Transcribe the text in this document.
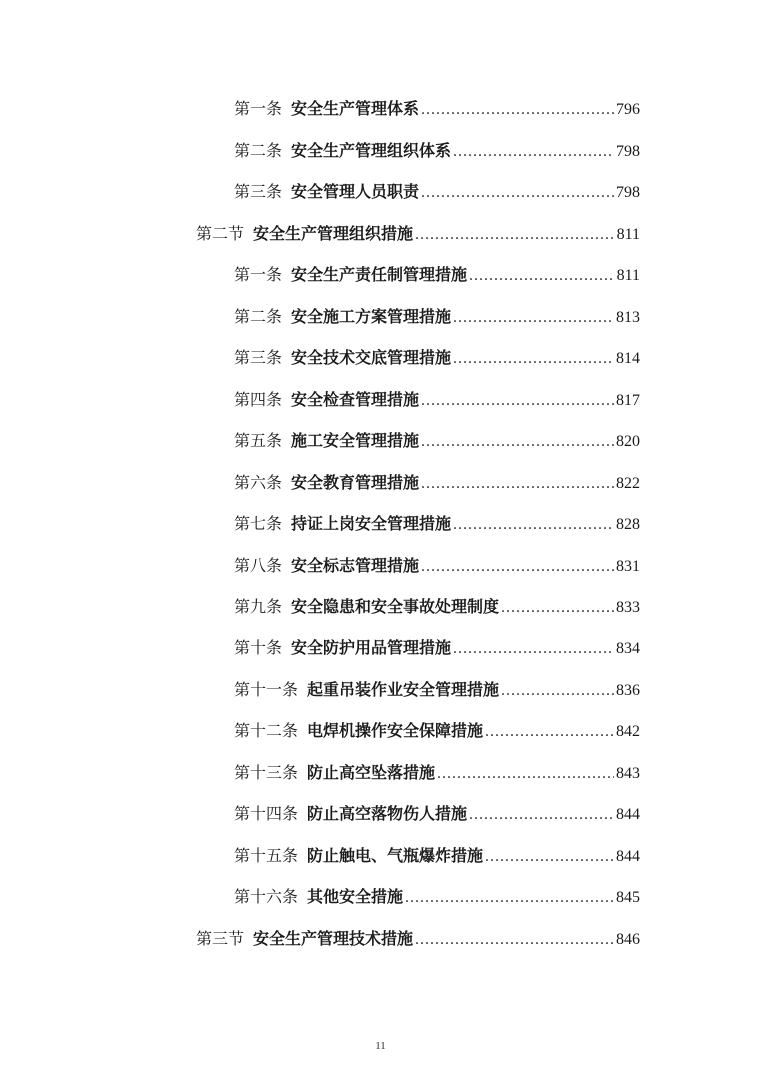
第一条 安全生产管理体系 .....	796
第二条 安全生产管理组织体系 .....	798
第三条 安全管理人员职责 .....	798
第二节 安全生产管理组织措施 .....	811
第一条 安全生产责任制管理措施 .....	811
第二条 安全施工方案管理措施 .....	813
第三条 安全技术交底管理措施 .....	814
第四条 安全检查管理措施 .....	817
第五条 施工安全管理措施 .....	820
第六条 安全教育管理措施 .....	822
第七条 持证上岗安全管理措施 .....	828
第八条 安全标志管理措施 .....	831
第九条 安全隐患和安全事故处理制度 .....	833
第十条 安全防护用品管理措施 .....	834
第十一条 起重吊装作业安全管理措施 .....	836
第十二条 电焊机操作安全保障措施 .....	842
第十三条 防止高空坠落措施 .....	843
第十四条 防止高空落物伤人措施 .....	844
第十五条 防止触电、气瓶爆炸措施 .....	844
第十六条 其他安全措施 .....	845
第三节 安全生产管理技术措施 .....	846
11
